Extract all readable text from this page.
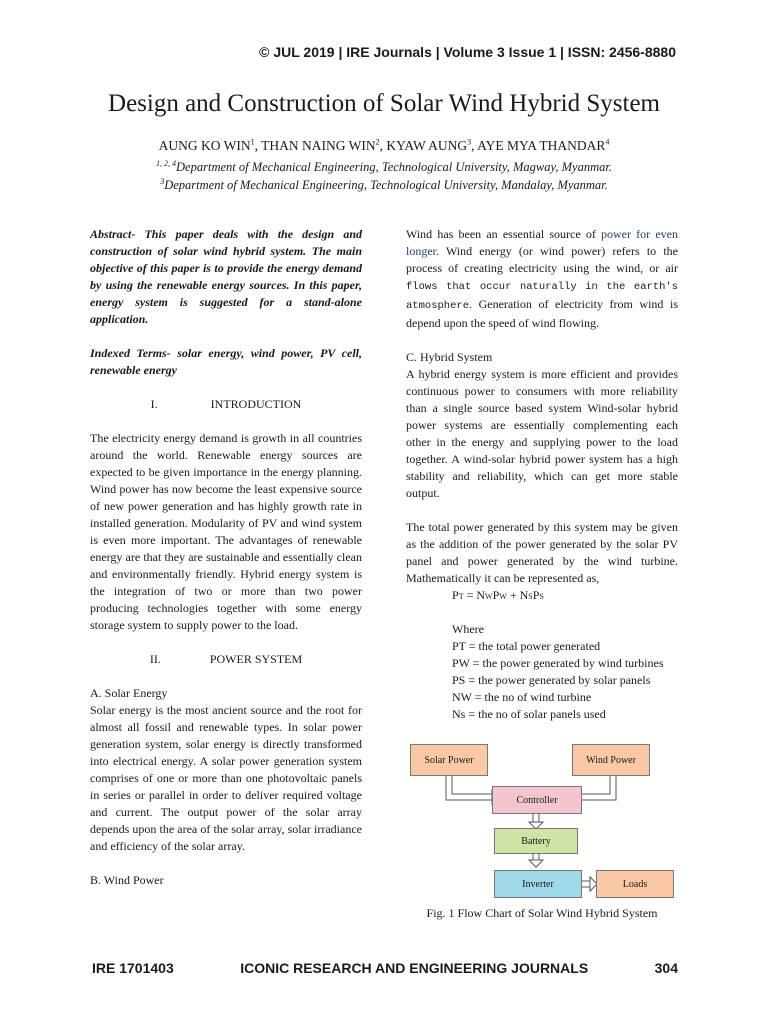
© JUL 2019 | IRE Journals | Volume 3 Issue 1 | ISSN: 2456-8880
Design and Construction of Solar Wind Hybrid System
AUNG KO WIN$^1$, THAN NAING WIN$^2$, KYAW AUNG$^3$, AYE MYA THANDAR$^4$
$^{1, 2, 4}$Department of Mechanical Engineering, Technological University, Magway, Myanmar.
$^3$Department of Mechanical Engineering, Technological University, Mandalay, Myanmar.

Abstract- This paper deals with the design and construction of solar wind hybrid system. The main objective of this paper is to provide the energy demand by using the renewable energy sources. In this paper, energy system is suggested for a stand-alone application.

Indexed Terms- solar energy, wind power, PV cell, renewable energy

I.	INTRODUCTION

The electricity energy demand is growth in all countries around the world. Renewable energy sources are expected to be given importance in the energy planning. Wind power has now become the least expensive source of new power generation and has highly growth rate in installed generation. Modularity of PV and wind system is even more important. The advantages of renewable energy are that they are sustainable and essentially clean and environmentally friendly. Hybrid energy system is the integration of two or more than two power producing technologies together with some energy storage system to supply power to the load.

II.	POWER SYSTEM

A. Solar Energy

Solar energy is the most ancient source and the root for almost all fossil and renewable types. In solar power generation system, solar energy is directly transformed into electrical energy. A solar power generation system comprises of one or more than one photovoltaic panels in series or parallel in order to deliver required voltage and current. The output power of the solar array depends upon the area of the solar array, solar irradiance and efficiency of the solar array.

B. Wind Power

Wind has been an essential source of power for even longer. Wind energy (or wind power) refers to the process of creating electricity using the wind, or air flows that occur naturally in the earth's atmosphere. Generation of electricity from wind is depend upon the speed of wind flowing.

C. Hybrid System

A hybrid energy system is more efficient and provides continuous power to consumers with more reliability than a single source based system Wind-solar hybrid power systems are essentially complementing each other in the energy and supplying power to the load together. A wind-solar hybrid power system has a high stability and reliability, which can get more stable output.

The total power generated by this system may be given as the addition of the power generated by the solar PV panel and power generated by the wind turbine. Mathematically it can be represented as,

PT = NWPW + NSPS

Where

PT = the total power generated

PW = the power generated by wind turbines

PS = the power generated by solar panels

NW = the no of wind turbine

Ns = the no of solar panels used

Solar Power	Wind Power
Controller
Battery
Inverter	Loads
Fig. 1 Flow Chart of Solar Wind Hybrid System
IRE 1701403	ICONIC RESEARCH AND ENGINEERING JOURNALS	304
